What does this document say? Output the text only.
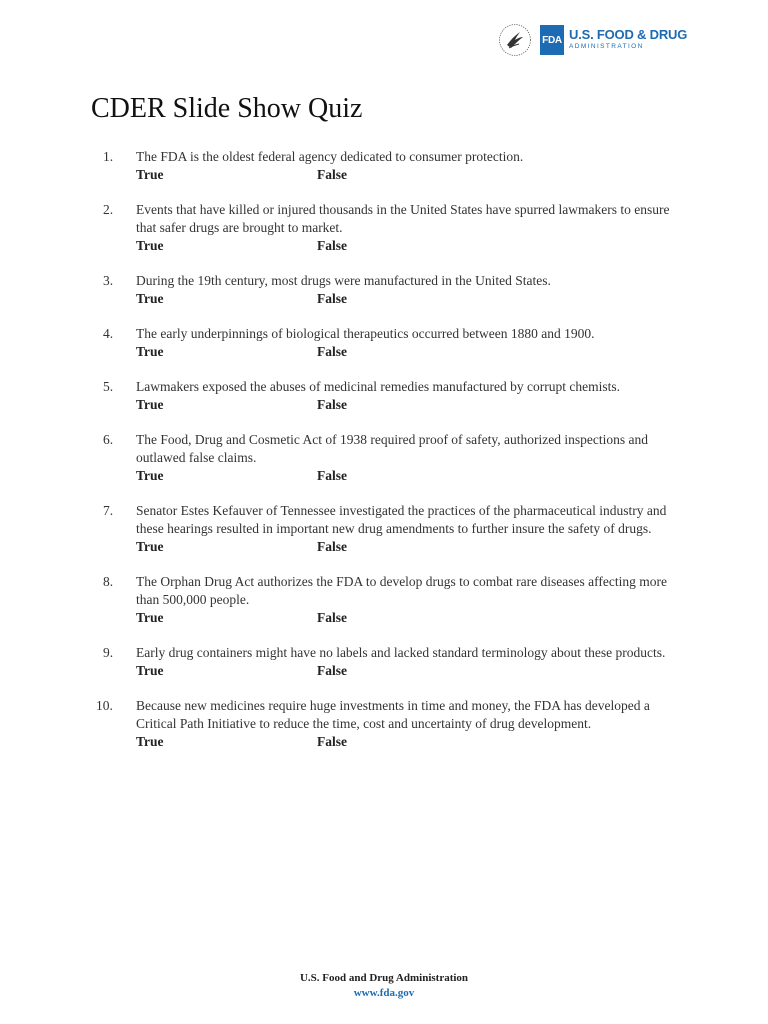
FDA U.S. FOOD & DRUG
ADMINISTRATION
CDER Slide Show Quiz
1.	The FDA is the oldest federal agency dedicated to consumer protection.
True	False
2.	Events that have killed or injured thousands in the United States have spurred lawmakers to ensure that safer drugs are brought to market.
True	False
3.	During the 19th century, most drugs were manufactured in the United States.
True	False
4.	The early underpinnings of biological therapeutics occurred between 1880 and 1900.
True	False
5.	Lawmakers exposed the abuses of medicinal remedies manufactured by corrupt chemists.
True	False
6.	The Food, Drug and Cosmetic Act of 1938 required proof of safety, authorized inspections and outlawed false claims.
True	False
7.	Senator Estes Kefauver of Tennessee investigated the practices of the pharmaceutical industry and these hearings resulted in important new drug amendments to further insure the safety of drugs.
True	False
8.	The Orphan Drug Act authorizes the FDA to develop drugs to combat rare diseases affecting more than 500,000 people.
True	False
9.	Early drug containers might have no labels and lacked standard terminology about these products.
True	False
10.	Because new medicines require huge investments in time and money, the FDA has developed a Critical Path Initiative to reduce the time, cost and uncertainty of drug development.
True	False
U.S. Food and Drug Administration
www.fda.gov
